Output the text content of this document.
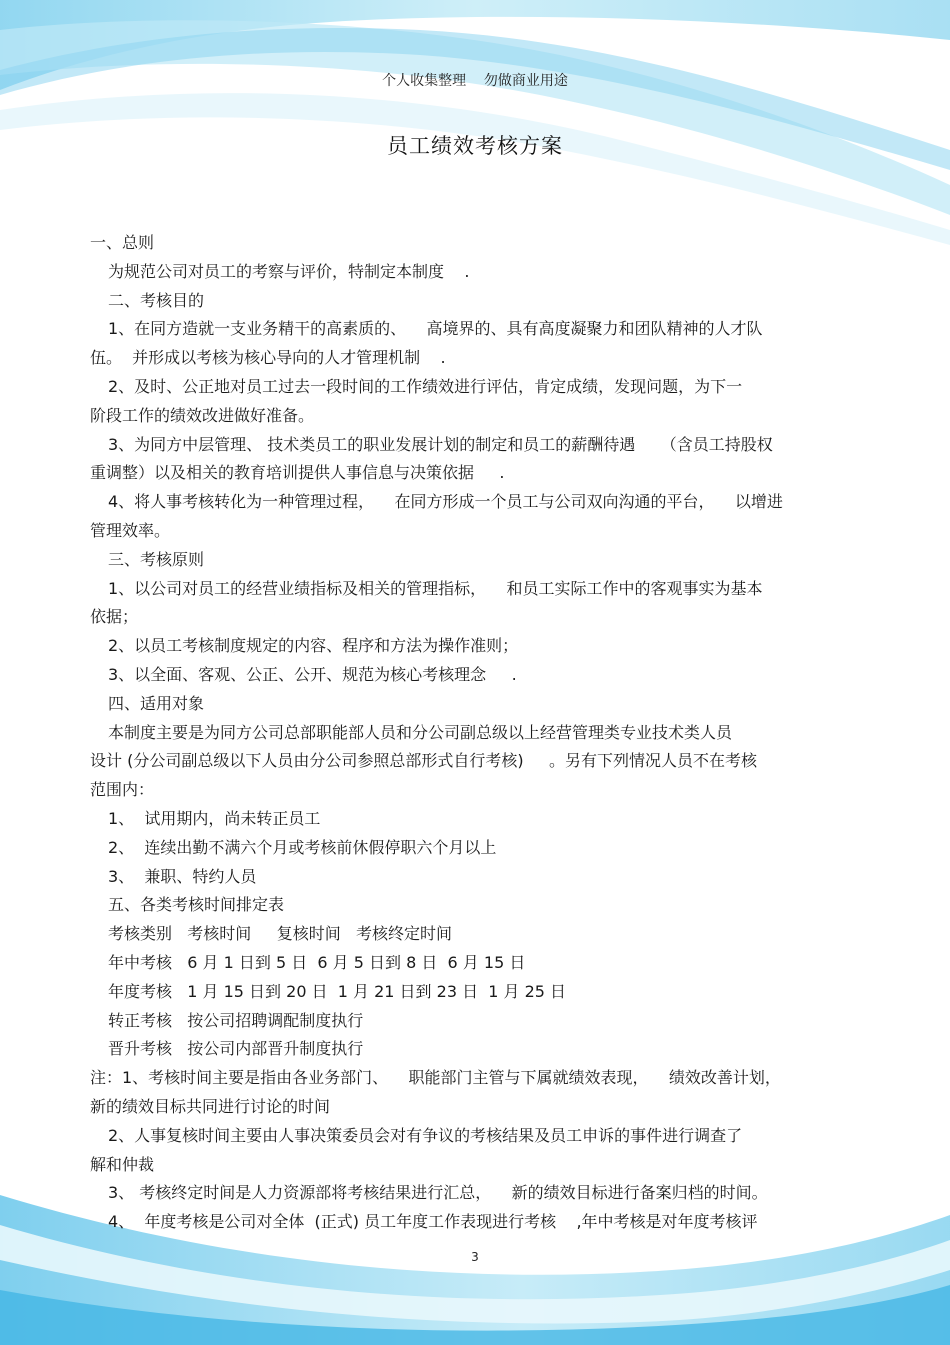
个人收集整理    勿做商业用途
员工绩效考核方案

一、总则

为规范公司对员工的考察与评价，特制定本制度    .

二、考核目的

1、在同方造就一支业务精干的高素质的、    高境界的、具有高度凝聚力和团队精神的人才队

伍。  并形成以考核为核心导向的人才管理机制    .

2、及时、公正地对员工过去一段时间的工作绩效进行评估，肯定成绩，发现问题，为下一

阶段工作的绩效改进做好准备。

3、为同方中层管理、 技术类员工的职业发展计划的制定和员工的薪酬待遇     （含员工持股权

重调整）以及相关的教育培训提供人事信息与决策依据     .

4、将人事考核转化为一种管理过程，    在同方形成一个员工与公司双向沟通的平台，    以增进

管理效率。

三、考核原则

1、以公司对员工的经营业绩指标及相关的管理指标，    和员工实际工作中的客观事实为基本

依据；

2、以员工考核制度规定的内容、程序和方法为操作准则；

3、以全面、客观、公正、公开、规范为核心考核理念     .

四、适用对象

本制度主要是为同方公司总部职能部人员和分公司副总级以上经营管理类专业技术类人员

设计 (分公司副总级以下人员由分公司参照总部形式自行考核)     。另有下列情况人员不在考核

范围内：

1、  试用期内，尚未转正员工

2、  连续出勤不满六个月或考核前休假停职六个月以上

3、  兼职、特约人员

五、各类考核时间排定表

考核类别   考核时间     复核时间   考核终定时间

年中考核   6 月 1 日到 5 日  6 月 5 日到 8 日  6 月 15 日

年度考核   1 月 15 日到 20 日  1 月 21 日到 23 日  1 月 25 日

转正考核   按公司招聘调配制度执行

晋升考核   按公司内部晋升制度执行

注：1、考核时间主要是指由各业务部门、    职能部门主管与下属就绩效表现，    绩效改善计划，

新的绩效目标共同进行讨论的时间

2、人事复核时间主要由人事决策委员会对有争议的考核结果及员工申诉的事件进行调查了

解和仲裁

3、 考核终定时间是人力资源部将考核结果进行汇总，    新的绩效目标进行备案归档的时间。

4、  年度考核是公司对全体  (正式) 员工年度工作表现进行考核    ,年中考核是对年度考核评

3
